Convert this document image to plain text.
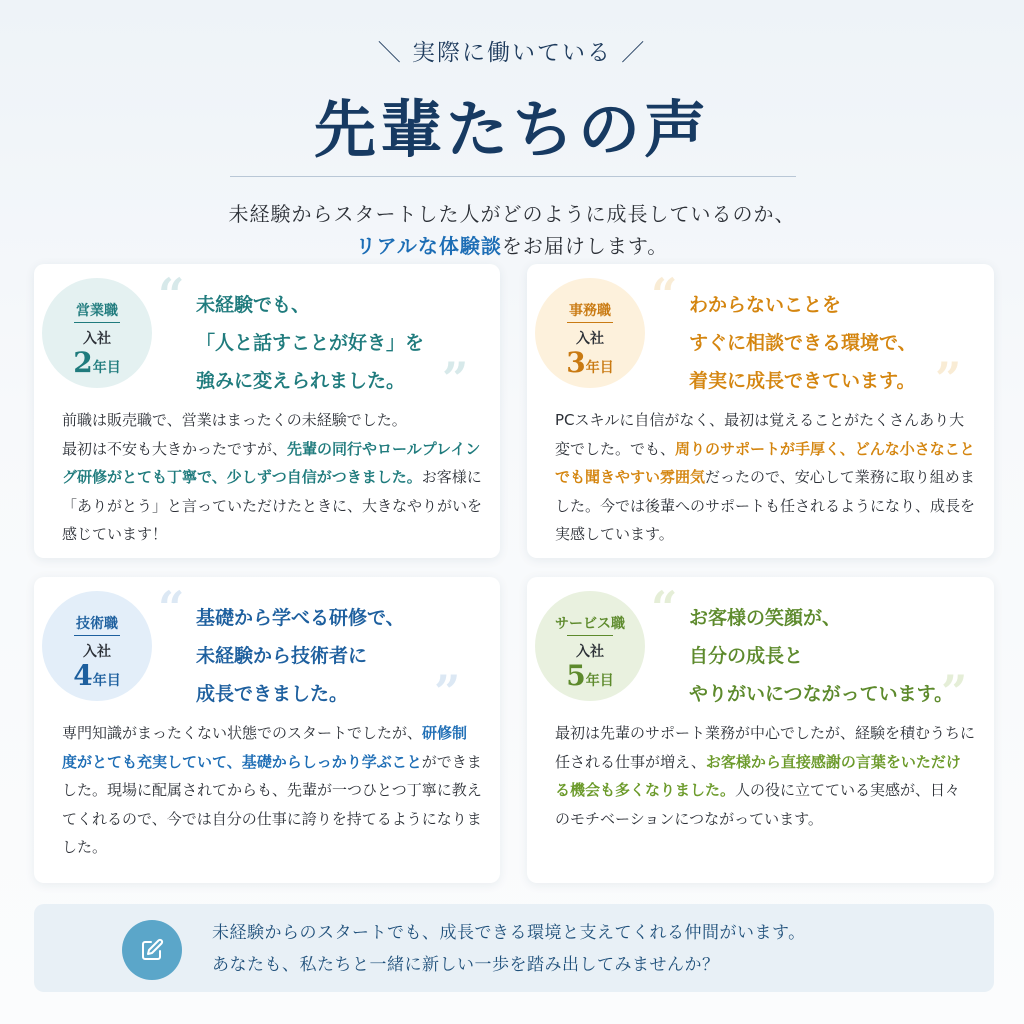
＼ 実際に働いている ／
先輩たちの声
未経験からスタートした人がどのように成長しているのか、
リアルな体験談をお届けします。
営業職
入社
2年目
“ 未経験でも、
「人と話すことが好き」を
強みに変えられました。 ”
前職は販売職で、営業はまったくの未経験でした。
最初は不安も大きかったですが、先輩の同行やロールプレイング研修がとても丁寧で、少しずつ自信がつきました。お客様に「ありがとう」と言っていただけたときに、大きなやりがいを感じています！
事務職
入社
3年目
“ わからないことを
すぐに相談できる環境で、
着実に成長できています。 ”
PCスキルに自信がなく、最初は覚えることがたくさんあり大変でした。でも、周りのサポートが手厚く、どんな小さなことでも聞きやすい雰囲気だったので、安心して業務に取り組めました。今では後輩へのサポートも任されるようになり、成長を実感しています。
技術職
入社
4年目
“ 基礎から学べる研修で、
未経験から技術者に
成長できました。	”
専門知識がまったくない状態でのスタートでしたが、研修制度がとても充実していて、基礎からしっかり学ぶことができました。現場に配属されてからも、先輩が一つひとつ丁寧に教えてくれるので、今では自分の仕事に誇りを持てるようになりました。
サービス職
入社
5年目
“ お客様の笑顔が、
自分の成長と
やりがいにつながっています。
”
最初は先輩のサポート業務が中心でしたが、経験を積むうちに任される仕事が増え、お客様から直接感謝の言葉をいただける機会も多くなりました。人の役に立てている実感が、日々のモチベーションにつながっています。
未経験からのスタートでも、成長できる環境と支えてくれる仲間がいます。
あなたも、私たちと一緒に新しい一歩を踏み出してみませんか？
